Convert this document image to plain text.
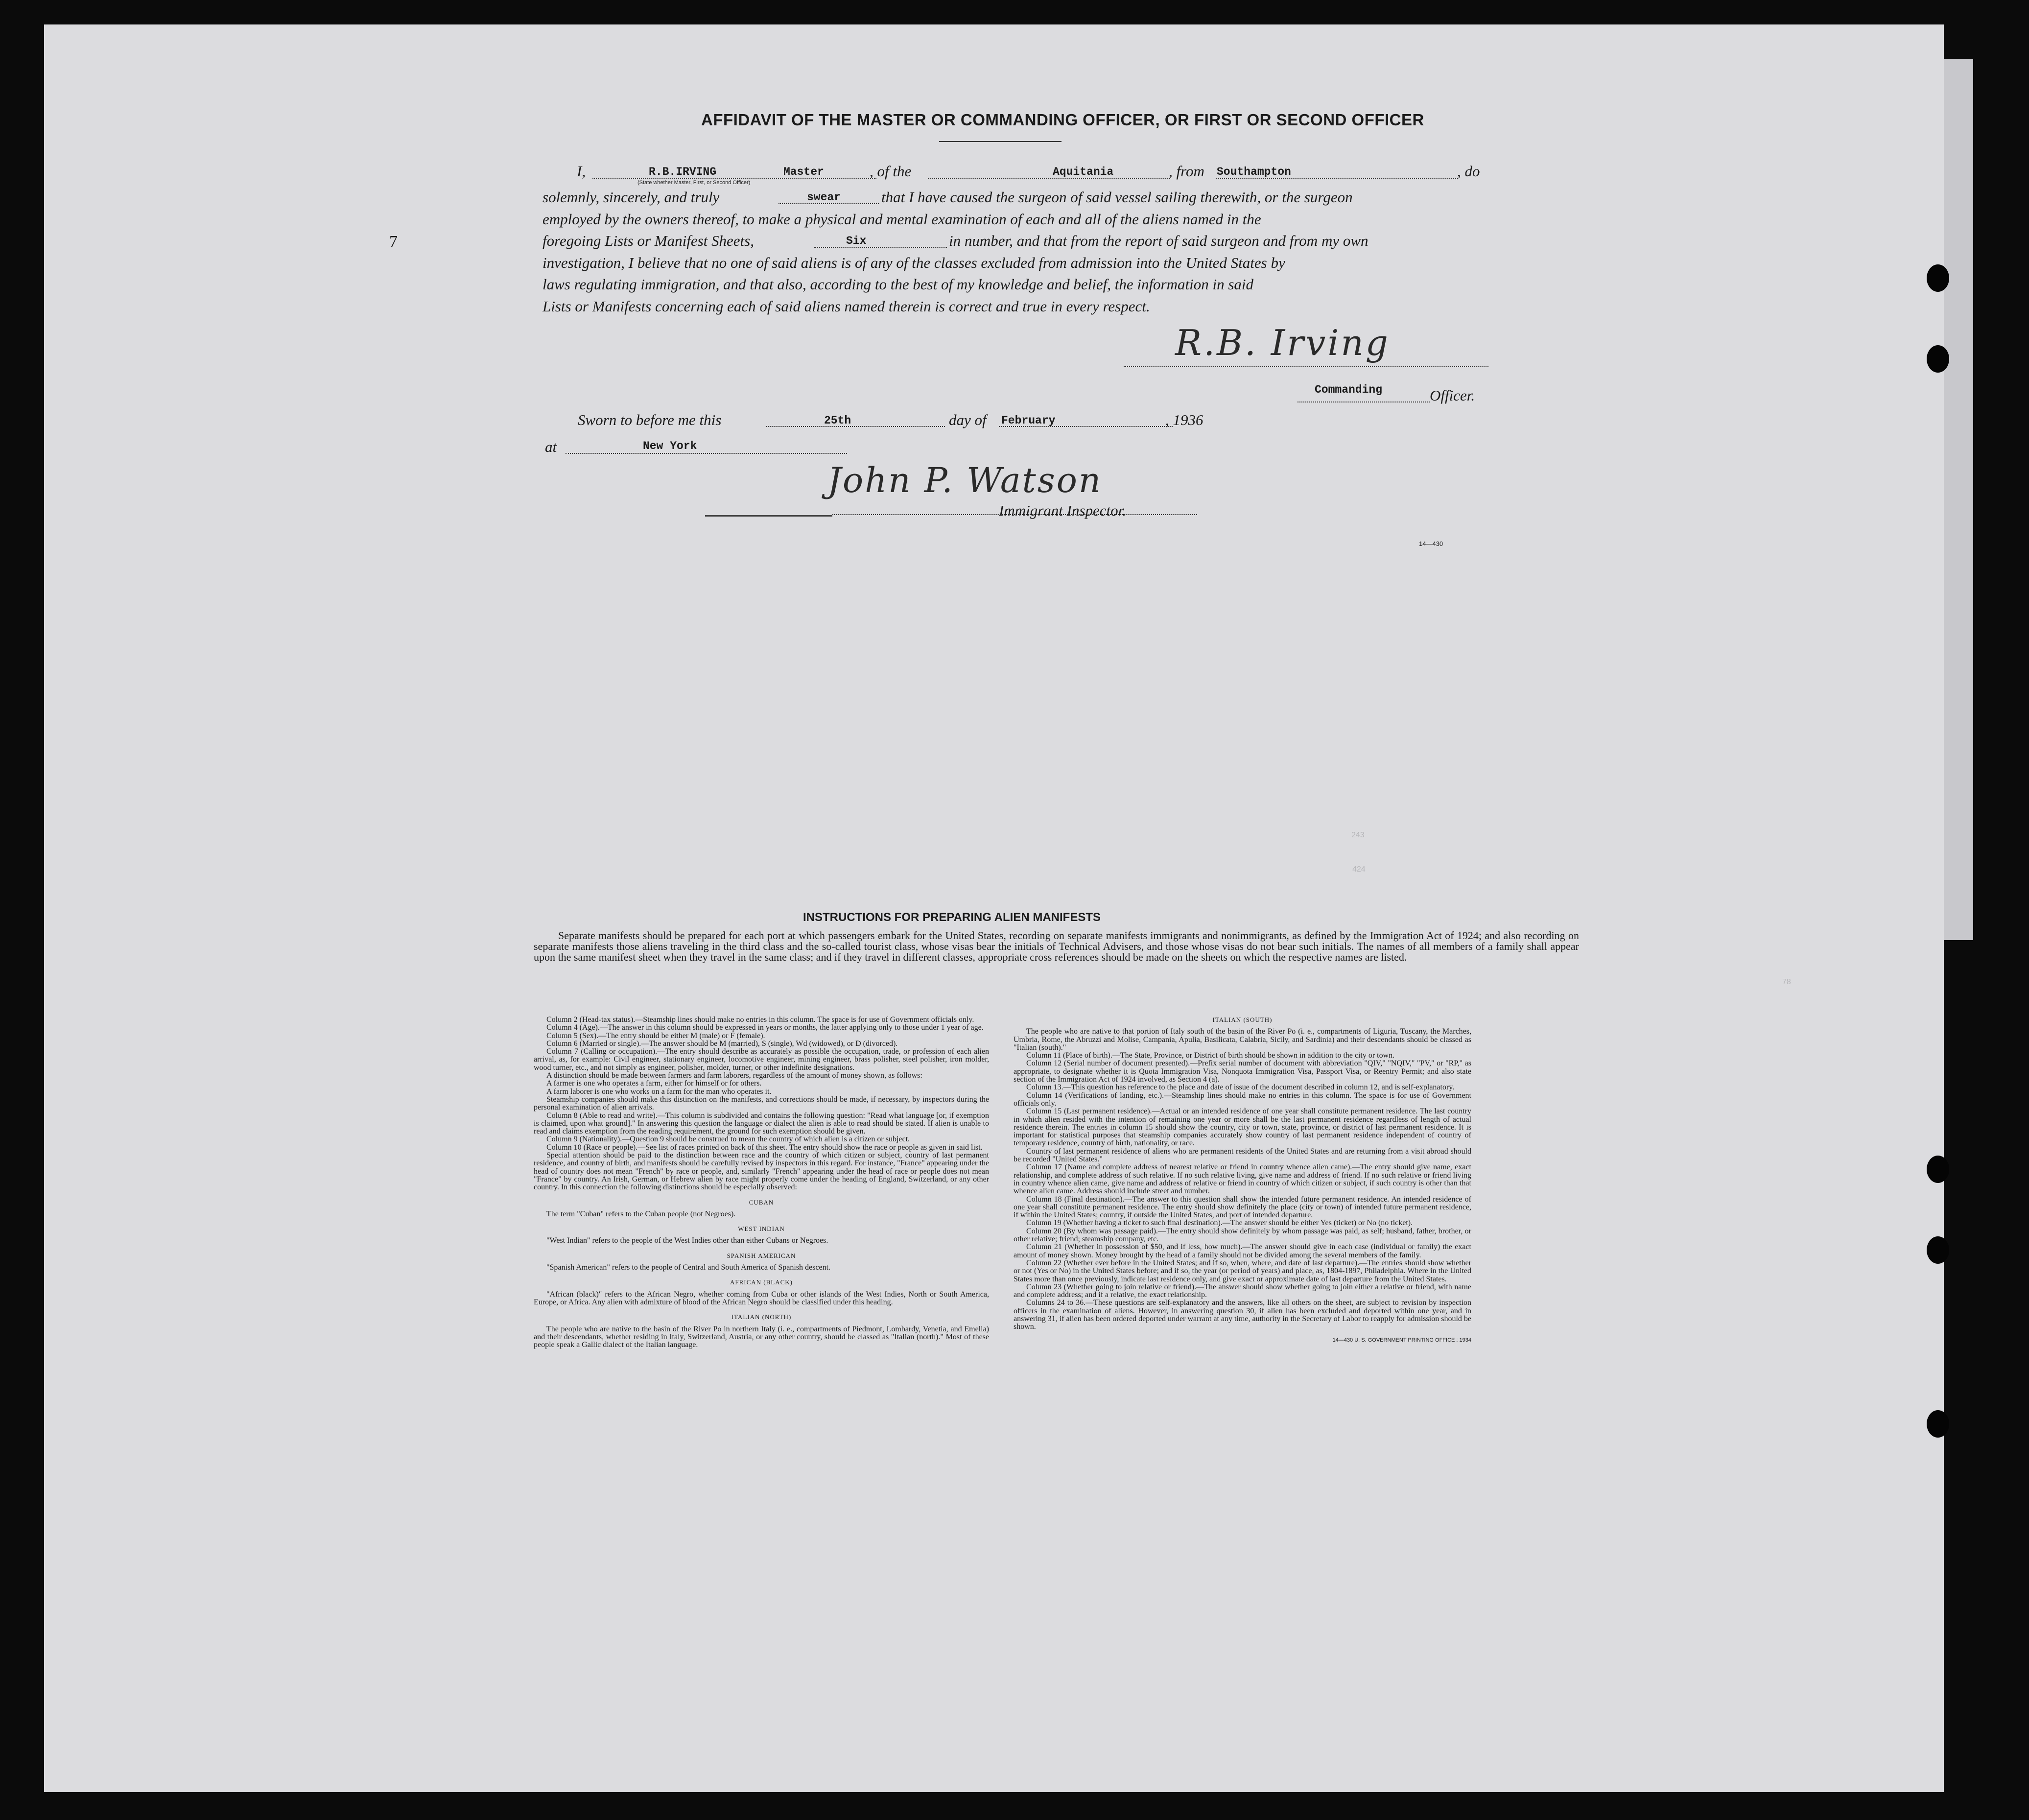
AFFIDAVIT OF THE MASTER OR COMMANDING OFFICER, OR FIRST OR SECOND OFFICER
7
I,	R.B.IRVING	Master
(State whether Master, First, or Second Officer)
, of the	Aquitania	, from Southampton	, do
solemnly, sincerely, and truly	swear	that I have caused the surgeon of said vessel sailing therewith, or the surgeon
employed by the owners thereof, to make a physical and mental examination of each and all of the aliens named in the
foregoing Lists or Manifest Sheets,	Six	in number, and that from the report of said surgeon and from my own
investigation, I believe that no one of said aliens is of any of the classes excluded from admission into the United States by
laws regulating immigration, and that also, according to the best of my knowledge and belief, the information in said
Lists or Manifests concerning each of said aliens named therein is correct and true in every respect.
R.B. Irving
Commanding	Officer.
Sworn to before me this	25th	day of February	, 1936
at	New York
John P. Watson
Immigrant Inspector.
14—430
243
424
78
INSTRUCTIONS FOR PREPARING ALIEN MANIFESTS
Separate manifests should be prepared for each port at which passengers embark for the United States, recording on separate manifests immigrants and nonimmigrants, as defined by the Immigration Act of 1924; and also recording on separate manifests those aliens traveling in the third class and the so-called tourist class, whose visas bear the initials of Technical Advisers, and those whose visas do not bear such initials. The names of all members of a family shall appear upon the same manifest sheet when they travel in the same class; and if they travel in different classes, appropriate cross references should be made on the sheets on which the respective names are listed.

Column 2 (Head-tax status).—Steamship lines should make no entries in this column. The space is for use of Government officials only.

Column 4 (Age).—The answer in this column should be expressed in years or months, the latter applying only to those under 1 year of age.

Column 5 (Sex).—The entry should be either M (male) or F (female).

Column 6 (Married or single).—The answer should be M (married), S (single), Wd (widowed), or D (divorced).

Column 7 (Calling or occupation).—The entry should describe as accurately as possible the occupation, trade, or profession of each alien arrival, as, for example: Civil engineer, stationary engineer, locomotive engineer, mining engineer, brass polisher, steel polisher, iron molder, wood turner, etc., and not simply as engineer, polisher, molder, turner, or other indefinite designations.

A distinction should be made between farmers and farm laborers, regardless of the amount of money shown, as follows:

A farmer is one who operates a farm, either for himself or for others.

A farm laborer is one who works on a farm for the man who operates it.

Steamship companies should make this distinction on the manifests, and corrections should be made, if necessary, by inspectors during the personal examination of alien arrivals.

Column 8 (Able to read and write).—This column is subdivided and contains the following question: "Read what language [or, if exemption is claimed, upon what ground]." In answering this question the language or dialect the alien is able to read should be stated. If alien is unable to read and claims exemption from the reading requirement, the ground for such exemption should be given.

Column 9 (Nationality).—Question 9 should be construed to mean the country of which alien is a citizen or subject.

Column 10 (Race or people).—See list of races printed on back of this sheet. The entry should show the race or people as given in said list.

Special attention should be paid to the distinction between race and the country of which citizen or subject, country of last permanent residence, and country of birth, and manifests should be carefully revised by inspectors in this regard. For instance, "France" appearing under the head of country does not mean "French" by race or people, and, similarly "French" appearing under the head of race or people does not mean "France" by country. An Irish, German, or Hebrew alien by race might properly come under the heading of England, Switzerland, or any other country. In this connection the following distinctions should be especially observed:

CUBAN

The term "Cuban" refers to the Cuban people (not Negroes).

WEST INDIAN

"West Indian" refers to the people of the West Indies other than either Cubans or Negroes.

SPANISH AMERICAN

"Spanish American" refers to the people of Central and South America of Spanish descent.

AFRICAN (BLACK)

"African (black)" refers to the African Negro, whether coming from Cuba or other islands of the West Indies, North or South America, Europe, or Africa. Any alien with admixture of blood of the African Negro should be classified under this heading.

ITALIAN (NORTH)

The people who are native to the basin of the River Po in northern Italy (i. e., compartments of Piedmont, Lombardy, Venetia, and Emelia) and their descendants, whether residing in Italy, Switzerland, Austria, or any other country, should be classed as "Italian (north)." Most of these people speak a Gallic dialect of the Italian language.

ITALIAN (SOUTH)

The people who are native to that portion of Italy south of the basin of the River Po (i. e., compartments of Liguria, Tuscany, the Marches, Umbria, Rome, the Abruzzi and Molise, Campania, Apulia, Basilicata, Calabria, Sicily, and Sardinia) and their descendants should be classed as "Italian (south)."

Column 11 (Place of birth).—The State, Province, or District of birth should be shown in addition to the city or town.

Column 12 (Serial number of document presented).—Prefix serial number of document with abbreviation "QIV," "NQIV," "PV," or "RP," as appropriate, to designate whether it is Quota Immigration Visa, Nonquota Immigration Visa, Passport Visa, or Reentry Permit; and also state section of the Immigration Act of 1924 involved, as Section 4 (a).

Column 13.—This question has reference to the place and date of issue of the document described in column 12, and is self-explanatory.

Column 14 (Verifications of landing, etc.).—Steamship lines should make no entries in this column. The space is for use of Government officials only.

Column 15 (Last permanent residence).—Actual or an intended residence of one year shall constitute permanent residence. The last country in which alien resided with the intention of remaining one year or more shall be the last permanent residence regardless of length of actual residence therein. The entries in column 15 should show the country, city or town, state, province, or district of last permanent residence. It is important for statistical purposes that steamship companies accurately show country of last permanent residence independent of country of temporary residence, country of birth, nationality, or race.

Country of last permanent residence of aliens who are permanent residents of the United States and are returning from a visit abroad should be recorded "United States."

Column 17 (Name and complete address of nearest relative or friend in country whence alien came).—The entry should give name, exact relationship, and complete address of such relative. If no such relative living, give name and address of friend. If no such relative or friend living in country whence alien came, give name and address of relative or friend in country of which citizen or subject, if such country is other than that whence alien came. Address should include street and number.

Column 18 (Final destination).—The answer to this question shall show the intended future permanent residence. An intended residence of one year shall constitute permanent residence. The entry should show definitely the place (city or town) of intended future permanent residence, if within the United States; country, if outside the United States, and port of intended departure.

Column 19 (Whether having a ticket to such final destination).—The answer should be either Yes (ticket) or No (no ticket).

Column 20 (By whom was passage paid).—The entry should show definitely by whom passage was paid, as self; husband, father, brother, or other relative; friend; steamship company, etc.

Column 21 (Whether in possession of $50, and if less, how much).—The answer should give in each case (individual or family) the exact amount of money shown. Money brought by the head of a family should not be divided among the several members of the family.

Column 22 (Whether ever before in the United States; and if so, when, where, and date of last departure).—The entries should show whether or not (Yes or No) in the United States before; and if so, the year (or period of years) and place, as, 1804-1897, Philadelphia. Where in the United States more than once previously, indicate last residence only, and give exact or approximate date of last departure from the United States.

Column 23 (Whether going to join relative or friend).—The answer should show whether going to join either a relative or friend, with name and complete address; and if a relative, the exact relationship.

Columns 24 to 36.—These questions are self-explanatory and the answers, like all others on the sheet, are subject to revision by inspection officers in the examination of aliens. However, in answering question 30, if alien has been excluded and deported within one year, and in answering 31, if alien has been ordered deported under warrant at any time, authority in the Secretary of Labor to reapply for admission should be shown.

14—430 U. S. GOVERNMENT PRINTING OFFICE : 1934
